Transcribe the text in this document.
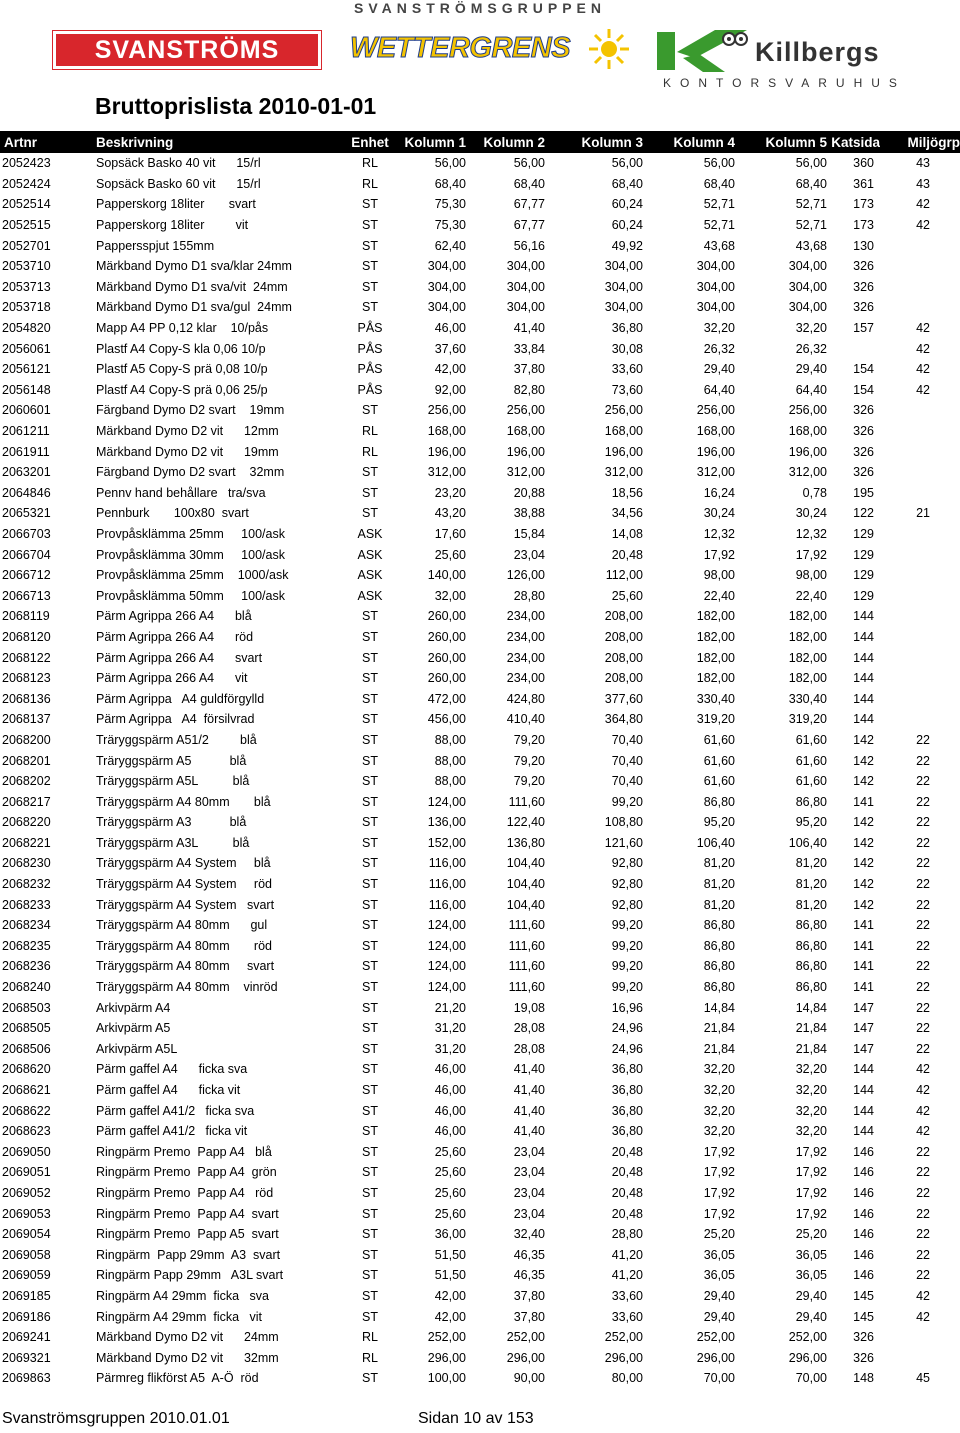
SVANSTRÖMSGRUPPEN
SVANSTRÖMS WETTERGRENS	Killbergs
KONTORSVARUHUS
Bruttoprislista 2010-01-01
Artnr	Beskrivning	Enhet	Kolumn 1	Kolumn 2	Kolumn 3	Kolumn 4	Kolumn 5	Katsida	Miljögrp
2052423	Sopsäck Basko 40 vit      15/rl	RL	56,00	56,00	56,00	56,00	56,00	360	43
2052424	Sopsäck Basko 60 vit      15/rl	RL	68,40	68,40	68,40	68,40	68,40	361	43
2052514	Papperskorg 18liter       svart	ST	75,30	67,77	60,24	52,71	52,71	173	42
2052515	Papperskorg 18liter         vit	ST	75,30	67,77	60,24	52,71	52,71	173	42
2052701	Pappersspjut 155mm	ST	62,40	56,16	49,92	43,68	43,68	130	
2053710	Märkband Dymo D1 sva/klar 24mm	ST	304,00	304,00	304,00	304,00	304,00	326	
2053713	Märkband Dymo D1 sva/vit  24mm	ST	304,00	304,00	304,00	304,00	304,00	326	
2053718	Märkband Dymo D1 sva/gul  24mm	ST	304,00	304,00	304,00	304,00	304,00	326	
2054820	Mapp A4 PP 0,12 klar    10/pås	PÅS	46,00	41,40	36,80	32,20	32,20	157	42
2056061	Plastf A4 Copy-S kla 0,06 10/p	PÅS	37,60	33,84	30,08	26,32	26,32		42
2056121	Plastf A5 Copy-S prä 0,08 10/p	PÅS	42,00	37,80	33,60	29,40	29,40	154	42
2056148	Plastf A4 Copy-S prä 0,06 25/p	PÅS	92,00	82,80	73,60	64,40	64,40	154	42
2060601	Färgband Dymo D2 svart    19mm	ST	256,00	256,00	256,00	256,00	256,00	326	
2061211	Märkband Dymo D2 vit      12mm	RL	168,00	168,00	168,00	168,00	168,00	326	
2061911	Märkband Dymo D2 vit      19mm	RL	196,00	196,00	196,00	196,00	196,00	326	
2063201	Färgband Dymo D2 svart    32mm	ST	312,00	312,00	312,00	312,00	312,00	326	
2064846	Pennv hand behållare   tra/sva	ST	23,20	20,88	18,56	16,24	0,78	195	
2065321	Pennburk       100x80  svart	ST	43,20	38,88	34,56	30,24	30,24	122	21
2066703	Provpåsklämma 25mm     100/ask	ASK	17,60	15,84	14,08	12,32	12,32	129	
2066704	Provpåsklämma 30mm     100/ask	ASK	25,60	23,04	20,48	17,92	17,92	129	
2066712	Provpåsklämma 25mm    1000/ask	ASK	140,00	126,00	112,00	98,00	98,00	129	
2066713	Provpåsklämma 50mm     100/ask	ASK	32,00	28,80	25,60	22,40	22,40	129	
2068119	Pärm Agrippa 266 A4      blå	ST	260,00	234,00	208,00	182,00	182,00	144	
2068120	Pärm Agrippa 266 A4      röd	ST	260,00	234,00	208,00	182,00	182,00	144	
2068122	Pärm Agrippa 266 A4      svart	ST	260,00	234,00	208,00	182,00	182,00	144	
2068123	Pärm Agrippa 266 A4      vit	ST	260,00	234,00	208,00	182,00	182,00	144	
2068136	Pärm Agrippa   A4 guldförgylld	ST	472,00	424,80	377,60	330,40	330,40	144	
2068137	Pärm Agrippa   A4  försilvrad	ST	456,00	410,40	364,80	319,20	319,20	144	
2068200	Träryggspärm A51/2         blå	ST	88,00	79,20	70,40	61,60	61,60	142	22
2068201	Träryggspärm A5           blå	ST	88,00	79,20	70,40	61,60	61,60	142	22
2068202	Träryggspärm A5L          blå	ST	88,00	79,20	70,40	61,60	61,60	142	22
2068217	Träryggspärm A4 80mm       blå	ST	124,00	111,60	99,20	86,80	86,80	141	22
2068220	Träryggspärm A3           blå	ST	136,00	122,40	108,80	95,20	95,20	142	22
2068221	Träryggspärm A3L          blå	ST	152,00	136,80	121,60	106,40	106,40	142	22
2068230	Träryggspärm A4 System     blå	ST	116,00	104,40	92,80	81,20	81,20	142	22
2068232	Träryggspärm A4 System     röd	ST	116,00	104,40	92,80	81,20	81,20	142	22
2068233	Träryggspärm A4 System   svart	ST	116,00	104,40	92,80	81,20	81,20	142	22
2068234	Träryggspärm A4 80mm      gul	ST	124,00	111,60	99,20	86,80	86,80	141	22
2068235	Träryggspärm A4 80mm       röd	ST	124,00	111,60	99,20	86,80	86,80	141	22
2068236	Träryggspärm A4 80mm     svart	ST	124,00	111,60	99,20	86,80	86,80	141	22
2068240	Träryggspärm A4 80mm    vinröd	ST	124,00	111,60	99,20	86,80	86,80	141	22
2068503	Arkivpärm A4	ST	21,20	19,08	16,96	14,84	14,84	147	22
2068505	Arkivpärm A5	ST	31,20	28,08	24,96	21,84	21,84	147	22
2068506	Arkivpärm A5L	ST	31,20	28,08	24,96	21,84	21,84	147	22
2068620	Pärm gaffel A4      ficka sva	ST	46,00	41,40	36,80	32,20	32,20	144	42
2068621	Pärm gaffel A4      ficka vit	ST	46,00	41,40	36,80	32,20	32,20	144	42
2068622	Pärm gaffel A41/2   ficka sva	ST	46,00	41,40	36,80	32,20	32,20	144	42
2068623	Pärm gaffel A41/2   ficka vit	ST	46,00	41,40	36,80	32,20	32,20	144	42
2069050	Ringpärm Premo  Papp A4   blå	ST	25,60	23,04	20,48	17,92	17,92	146	22
2069051	Ringpärm Premo  Papp A4  grön	ST	25,60	23,04	20,48	17,92	17,92	146	22
2069052	Ringpärm Premo  Papp A4   röd	ST	25,60	23,04	20,48	17,92	17,92	146	22
2069053	Ringpärm Premo  Papp A4  svart	ST	25,60	23,04	20,48	17,92	17,92	146	22
2069054	Ringpärm Premo  Papp A5  svart	ST	36,00	32,40	28,80	25,20	25,20	146	22
2069058	Ringpärm  Papp 29mm  A3  svart	ST	51,50	46,35	41,20	36,05	36,05	146	22
2069059	Ringpärm Papp 29mm   A3L svart	ST	51,50	46,35	41,20	36,05	36,05	146	22
2069185	Ringpärm A4 29mm  ficka   sva	ST	42,00	37,80	33,60	29,40	29,40	145	42
2069186	Ringpärm A4 29mm  ficka   vit	ST	42,00	37,80	33,60	29,40	29,40	145	42
2069241	Märkband Dymo D2 vit      24mm	RL	252,00	252,00	252,00	252,00	252,00	326	
2069321	Märkband Dymo D2 vit      32mm	RL	296,00	296,00	296,00	296,00	296,00	326	
2069863	Pärmreg flikförst A5  A-Ö  röd	ST	100,00	90,00	80,00	70,00	70,00	148	45
Svanströmsgruppen 2010.01.01	Sidan 10 av 153
